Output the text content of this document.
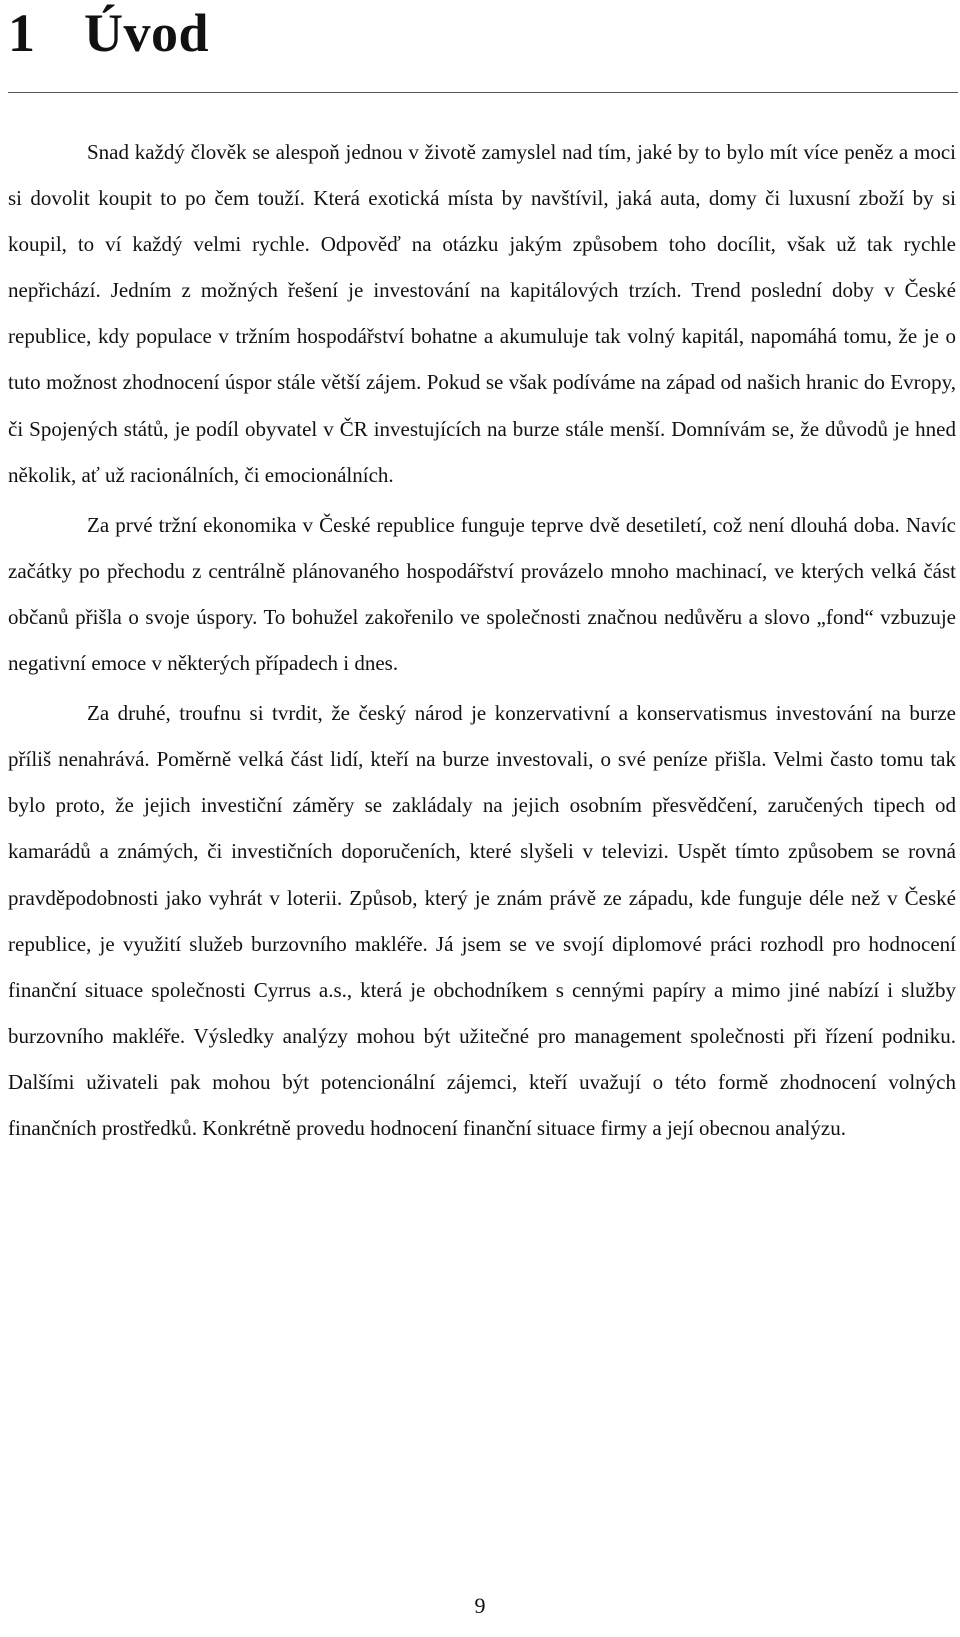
1 Úvod

Snad každý člověk se alespoň jednou v životě zamyslel nad tím, jaké by to bylo mít více peněz a moci si dovolit koupit to po čem touží. Která exotická místa by navštívil, jaká auta, domy či luxusní zboží by si koupil, to ví každý velmi rychle. Odpověď na otázku jakým způsobem toho docílit, však už tak rychle nepřichází. Jedním z možných řešení je investování na kapitálových trzích. Trend poslední doby v České republice, kdy populace v tržním hospodářství bohatne a akumuluje tak volný kapitál, napomáhá tomu, že je o tuto možnost zhodnocení úspor stále větší zájem. Pokud se však podíváme na západ od našich hranic do Evropy, či Spojených států, je podíl obyvatel v ČR investujících na burze stále menší. Domnívám se, že důvodů je hned několik, ať už racionálních, či emocionálních.

Za prvé tržní ekonomika v České republice funguje teprve dvě desetiletí, což není dlouhá doba. Navíc začátky po přechodu z centrálně plánovaného hospodářství provázelo mnoho machinací, ve kterých velká část občanů přišla o svoje úspory. To bohužel zakořenilo ve společnosti značnou nedůvěru a slovo „fond“ vzbuzuje negativní emoce v některých případech i dnes.

Za druhé, troufnu si tvrdit, že český národ je konzervativní a konservatismus investování na burze příliš nenahrává. Poměrně velká část lidí, kteří na burze investovali, o své peníze přišla. Velmi často tomu tak bylo proto, že jejich investiční záměry se zakládaly na jejich osobním přesvědčení, zaručených tipech od kamarádů a známých, či investičních doporučeních, které slyšeli v televizi. Uspět tímto způsobem se rovná pravděpodobnosti jako vyhrát v loterii. Způsob, který je znám právě ze západu, kde funguje déle než v České republice, je využití služeb burzovního makléře. Já jsem se ve svojí diplomové práci rozhodl pro hodnocení finanční situace společnosti Cyrrus a.s., která je obchodníkem s cennými papíry a mimo jiné nabízí i služby burzovního makléře. Výsledky analýzy mohou být užitečné pro management společnosti při řízení podniku. Dalšími uživateli pak mohou být potencionální zájemci, kteří uvažují o této formě zhodnocení volných finančních prostředků. Konkrétně provedu hodnocení finanční situace firmy a její obecnou analýzu.

9
